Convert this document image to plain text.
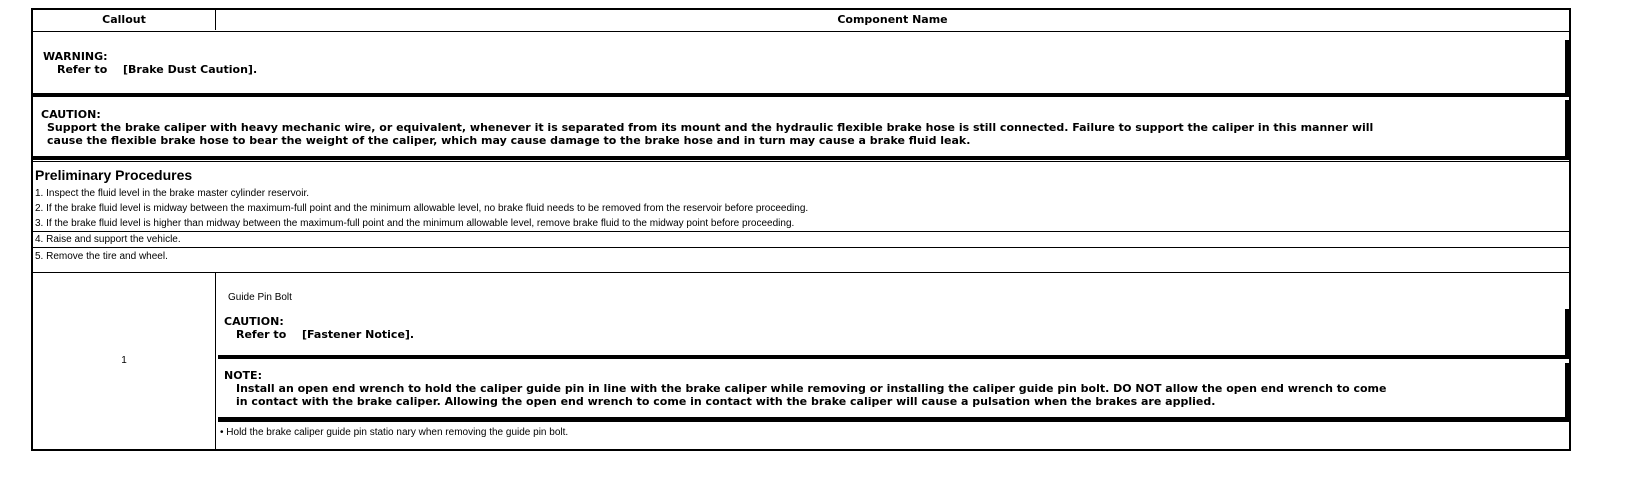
Callout	Component Name
WARNING:
Refer to [Brake Dust Caution].
CAUTION:
Support the brake caliper with heavy mechanic wire, or equivalent, whenever it is separated from its mount and the hydraulic flexible brake hose is still connected. Failure to support the caliper in this manner will
cause the flexible brake hose to bear the weight of the caliper, which may cause damage to the brake hose and in turn may cause a brake fluid leak.
Preliminary Procedures
1. Inspect the fluid level in the brake master cylinder reservoir.
2. If the brake fluid level is midway between the maximum-full point and the minimum allowable level, no brake fluid needs to be removed from the reservoir before proceeding.
3. If the brake fluid level is higher than midway between the maximum-full point and the minimum allowable level, remove brake fluid to the midway point before proceeding.
4. Raise and support the vehicle.
5. Remove the tire and wheel.
1
Guide Pin Bolt
CAUTION:
Refer to [Fastener Notice].
NOTE:
Install an open end wrench to hold the caliper guide pin in line with the brake caliper while removing or installing the caliper guide pin bolt. DO NOT allow the open end wrench to come
in contact with the brake caliper. Allowing the open end wrench to come in contact with the brake caliper will cause a pulsation when the brakes are applied.
• Hold the brake caliper guide pin statio nary when removing the guide pin bolt.
